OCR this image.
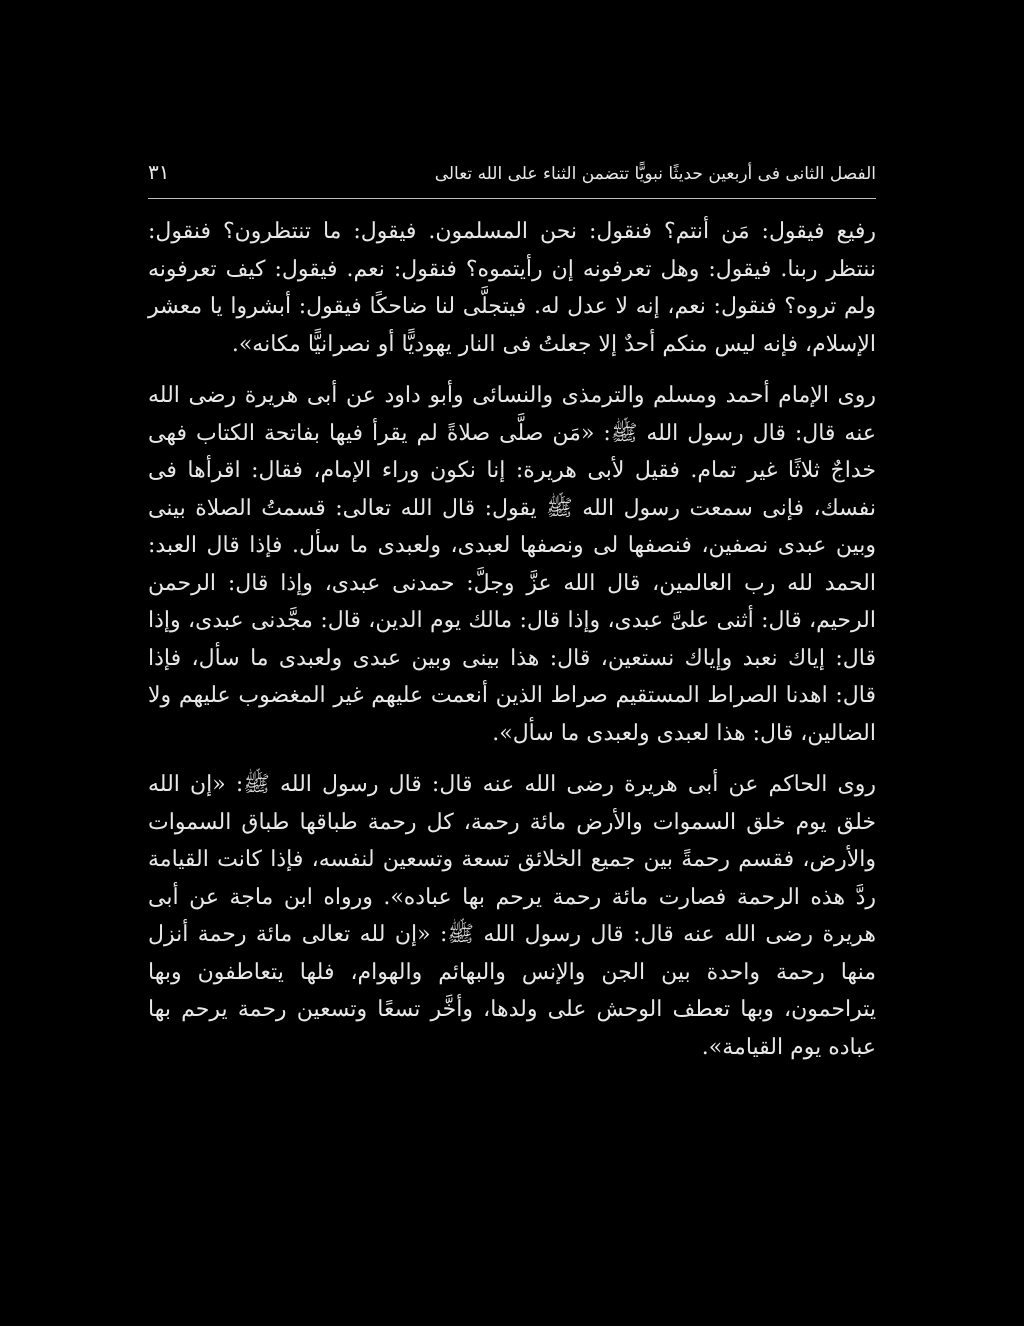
الفصل الثانى فى أربعين حديثًا نبويًّا تتضمن الثناء على الله تعالى
٣١

رفيع فيقول: مَن أنتم؟ فنقول: نحن المسلمون. فيقول: ما تنتظرون؟ فنقول: ننتظر ربنا. فيقول: وهل تعرفونه إن رأيتموه؟ فنقول: نعم. فيقول: كيف تعرفونه ولم تروه؟ فنقول: نعم، إنه لا عدل له. فيتجلَّى لنا ضاحكًا فيقول: أبشروا يا معشر الإسلام، فإنه ليس منكم أحدٌ إلا جعلتُ فى النار يهوديًّا أو نصرانيًّا مكانه».

روى الإمام أحمد ومسلم والترمذى والنسائى وأبو داود عن أبى هريرة رضى الله عنه قال: قال رسول الله ﷺ: «مَن صلَّى صلاةً لم يقرأ فيها بفاتحة الكتاب فهى خداجٌ ثلاثًا غير تمام. فقيل لأبى هريرة: إنا نكون وراء الإمام، فقال: اقرأها فى نفسك، فإنى سمعت رسول الله ﷺ يقول: قال الله تعالى: قسمتُ الصلاة بينى وبين عبدى نصفين، فنصفها لى ونصفها لعبدى، ولعبدى ما سأل. فإذا قال العبد: الحمد لله رب العالمين، قال الله عزَّ وجلَّ: حمدنى عبدى، وإذا قال: الرحمن الرحيم، قال: أثنى علىَّ عبدى، وإذا قال: مالك يوم الدين، قال: مجَّدنى عبدى، وإذا قال: إياك نعبد وإياك نستعين، قال: هذا بينى وبين عبدى ولعبدى ما سأل، فإذا قال: اهدنا الصراط المستقيم صراط الذين أنعمت عليهم غير المغضوب عليهم ولا الضالين، قال: هذا لعبدى ولعبدى ما سأل».

روى الحاكم عن أبى هريرة رضى الله عنه قال: قال رسول الله ﷺ: «إن الله خلق يوم خلق السموات والأرض مائة رحمة، كل رحمة طباقها طباق السموات والأرض، فقسم رحمةً بين جميع الخلائق تسعة وتسعين لنفسه، فإذا كانت القيامة ردَّ هذه الرحمة فصارت مائة رحمة يرحم بها عباده». ورواه ابن ماجة عن أبى هريرة رضى الله عنه قال: قال رسول الله ﷺ: «إن لله تعالى مائة رحمة أنزل منها رحمة واحدة بين الجن والإنس والبهائم والهوام، فلها يتعاطفون وبها يتراحمون، وبها تعطف الوحش على ولدها، وأخَّر تسعًا وتسعين رحمة يرحم بها عباده يوم القيامة».
